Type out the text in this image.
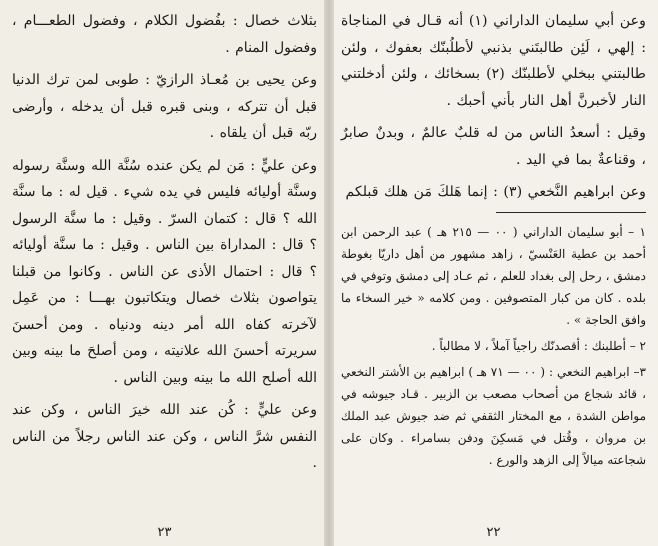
بثلاث خصال : بفُضول الكلام ، وفضول الطعـــام ، وفضول المنام .

وعن يحيى بن مُعـاذ الرازيّ : طوبى لمن ترك الدنيا قبل أن تتركه ، وبنى قبره قبل أن يدخله ، وأرضى ربّه قبل أن يلقاه .

وعن عليٍّ : مَن لم يكن عنده سُنَّة الله وسنَّة رسوله وسنَّة أوليائه فليس في يده شيء . قيل له : ما سنَّة الله ؟ قال : كتمان السرّ . وقيل : ما سنَّة الرسول ؟ قال : المداراة بين الناس . وقيل : ما سنَّة أوليائه ؟ قال : احتمال الأذى عن الناس . وكانوا من قبلنا يتواصون بثلاث خصال ويتكاتبون بهـــا : من عَمِل لآخرته كفاه الله أمر دينه ودنياه . ومن أحسنَ سريرته أحسنَ الله علانيته ، ومن أصلحَ ما بينه وبين الله أصلح الله ما بينه وبين الناس .

وعن عليٍّ : كُن عند الله خيرَ الناس ، وكن عند النفس شرَّ الناس ، وكن عند الناس رجلاً من الناس .

٢٣

وعن أبي سليمان الداراني (١) أنه قـال في المناجاة : إلهي ، لَئِن طالبتَني بذنبي لأطلُبنّك بعفوك ، ولئن طالبتني ببخلي لأطلبنّك (٢) بسخائك ، ولئن أدخلتني النار لأخبرنَّ أهل النار بأني أحبك .

وقيل : أسعدُ الناس من له قلبٌ عالمٌ ، وبدنٌ صابرٌ ، وقناعةٌ بما في اليد .

وعن ابراهيم النَّخعي (٣) : إنما هَلكَ مَن هلك قبلكم

١ – أبو سليمان الداراني ( ٠٠ — ٢١٥ هـ ) عبد الرحمن ابن أحمد بن عطية العَنْسيّ ، زاهد مشهور من أهل داريّا بغوطة دمشق ، رحل إلى بغداد للعلم ، ثم عـاد إلى دمشق وتوفي في بلده . كان من كبار المتصوفين . ومن كلامه « خير السخاء ما وافق الحاجة » .

٢ – أطلبنك : أقصدنّك راجياً آملاً ، لا مطالباً .

٣– ابراهيم النخعي : ( ٠٠ — ٧١ هـ ) ابراهيم بن الأشتر النخعي ، قائد شجاع من أصحاب مصعب بن الزبير . قـاد جيوشه في مواطن الشدة ، مع المختار الثقفي ثم ضد جيوش عبد الملك بن مروان ، وقُتل في مَسكِنَ ودفن بسامراء . وكان على شجاعته ميالاً إلى الزهد والورع .

٢٢
